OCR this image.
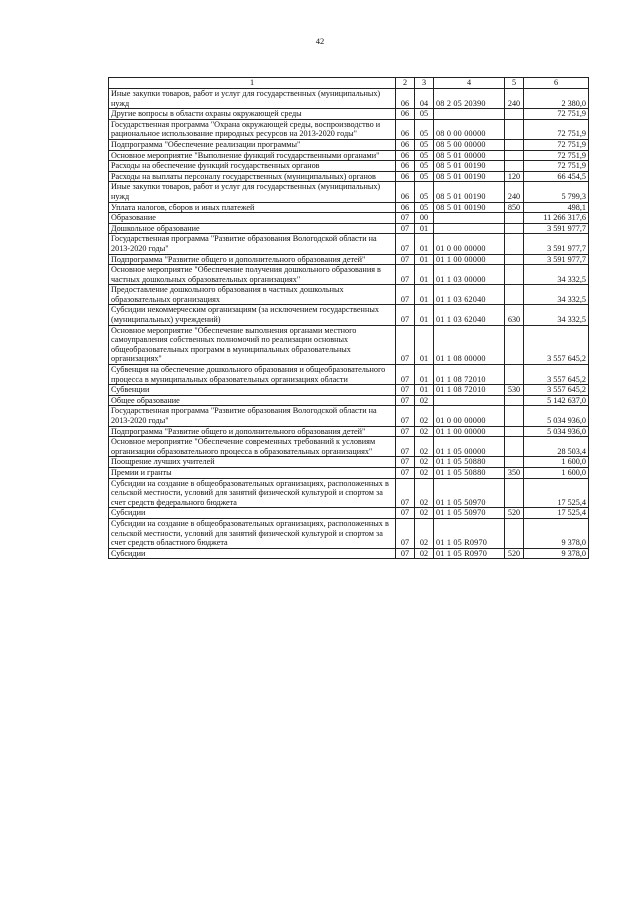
42
1	2	3	4	5	6
Иные закупки товаров, работ и услуг для государственных (муниципальных) нужд	06	04	08 2 05 20390	240	2 380,0
Другие вопросы в области охраны окружающей среды	06	05			72 751,9
Государственная программа "Охрана окружающей среды, воспроизводство и рациональное использование природных ресурсов на 2013-2020 годы"	06	05	08 0 00 00000		72 751,9
Подпрограмма "Обеспечение реализации программы"	06	05	08 5 00 00000		72 751,9
Основное мероприятие "Выполнение функций государственными органами"	06	05	08 5 01 00000		72 751,9
Расходы на обеспечение функций государственных органов	06	05	08 5 01 00190		72 751,9
Расходы на выплаты персоналу государственных (муниципальных) органов	06	05	08 5 01 00190	120	66 454,5
Иные закупки товаров, работ и услуг для государственных (муниципальных) нужд	06	05	08 5 01 00190	240	5 799,3
Уплата налогов, сборов и иных платежей	06	05	08 5 01 00190	850	498,1
Образование	07	00			11 266 317,6
Дошкольное образование	07	01			3 591 977,7
Государственная программа "Развитие образования Вологодской области на 2013-2020 годы"	07	01	01 0 00 00000		3 591 977,7
Подпрограмма "Развитие общего и дополнительного образования детей"	07	01	01 1 00 00000		3 591 977,7
Основное мероприятие "Обеспечение получения дошкольного образования в частных дошкольных образовательных организациях"	07	01	01 1 03 00000		34 332,5
Предоставление дошкольного образования в частных дошкольных образовательных организациях	07	01	01 1 03 62040		34 332,5
Субсидии некоммерческим организациям (за исключением государственных (муниципальных) учреждений)	07	01	01 1 03 62040	630	34 332,5
Основное мероприятие "Обеспечение выполнения органами местного самоуправления собственных полномочий по реализации основных общеобразовательных программ в муниципальных образовательных организациях"	07	01	01 1 08 00000		3 557 645,2
Субвенция на обеспечение дошкольного образования и общеобразовательного процесса в муниципальных образовательных организациях области	07	01	01 1 08 72010		3 557 645,2
Субвенции	07	01	01 1 08 72010	530	3 557 645,2
Общее образование	07	02			5 142 637,0
Государственная программа "Развитие образования Вологодской области на 2013-2020 годы"	07	02	01 0 00 00000		5 034 936,0
Подпрограмма "Развитие общего и дополнительного образования детей"	07	02	01 1 00 00000		5 034 936,0
Основное мероприятие "Обеспечение современных требований к условиям организации образовательного процесса в образовательных организациях"	07	02	01 1 05 00000		28 503,4
Поощрение лучших учителей	07	02	01 1 05 50880		1 600,0
Премии и гранты	07	02	01 1 05 50880	350	1 600,0
Субсидии на создание в общеобразовательных организациях, расположенных в сельской местности, условий для занятий физической культурой и спортом за счет средств федерального бюджета	07	02	01 1 05 50970		17 525,4
Субсидии	07	02	01 1 05 50970	520	17 525,4
Субсидии на создание в общеобразовательных организациях, расположенных в сельской местности, условий для занятий физической культурой и спортом за счет средств областного бюджета	07	02	01 1 05 R0970		9 378,0
Субсидии	07	02	01 1 05 R0970	520	9 378,0
